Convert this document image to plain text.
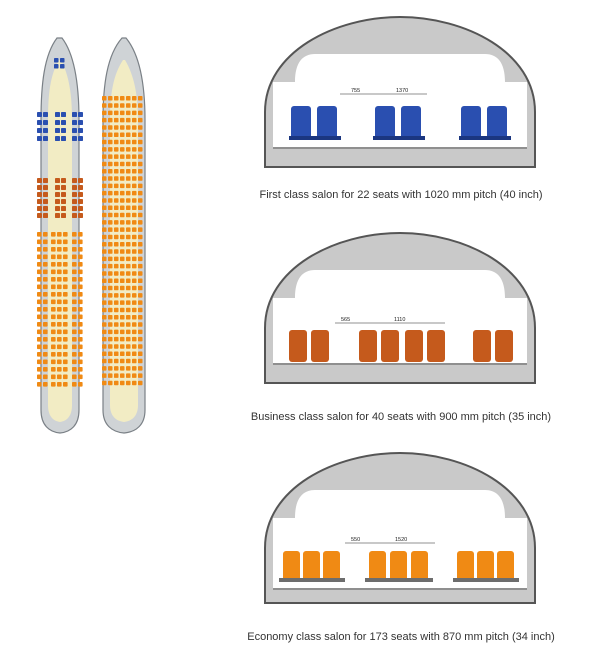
755	1370
First class salon for 22 seats with 1020 mm pitch (40 inch)
565	1110
Business class salon for 40 seats with 900 mm pitch (35 inch)
550	1520
Economy class salon for 173 seats with 870 mm pitch (34 inch)
